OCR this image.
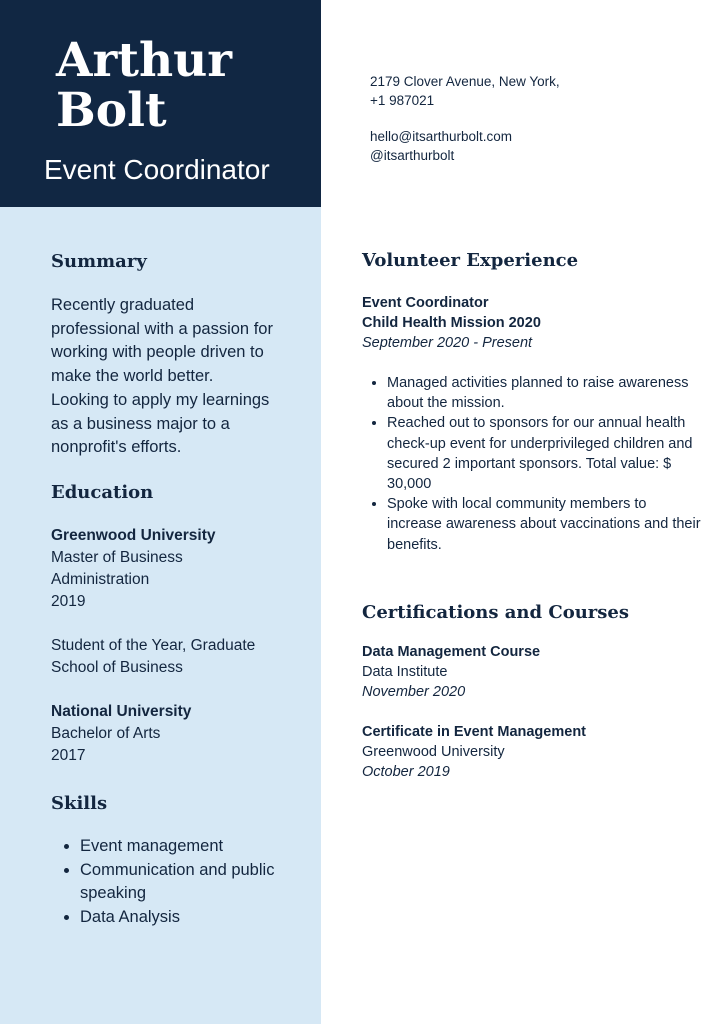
Arthur
Bolt
Event Coordinator
2179 Clover Avenue, New York,
+1 987021
hello@itsarthurbolt.com
@itsarthurbolt
Summary
Recently graduated
professional with a passion for
working with people driven to
make the world better.
Looking to apply my learnings
as a business major to a
nonprofit's efforts.
Education
Greenwood University
Master of Business
Administration
2019
Student of the Year, Graduate
School of Business
National University
Bachelor of Arts
2017
Skills
• Event management
• Communication and public speaking
• Data Analysis
Volunteer Experience
Event Coordinator
Child Health Mission 2020
September 2020 - Present
• Managed activities planned to raise awareness about the mission.
• Reached out to sponsors for our annual health check-up event for underprivileged children and secured 2 important sponsors. Total value: $ 30,000
• Spoke with local community members to increase awareness about vaccinations and their benefits.
Certifications and Courses
Data Management Course
Data Institute
November 2020
Certificate in Event Management
Greenwood University
October 2019
